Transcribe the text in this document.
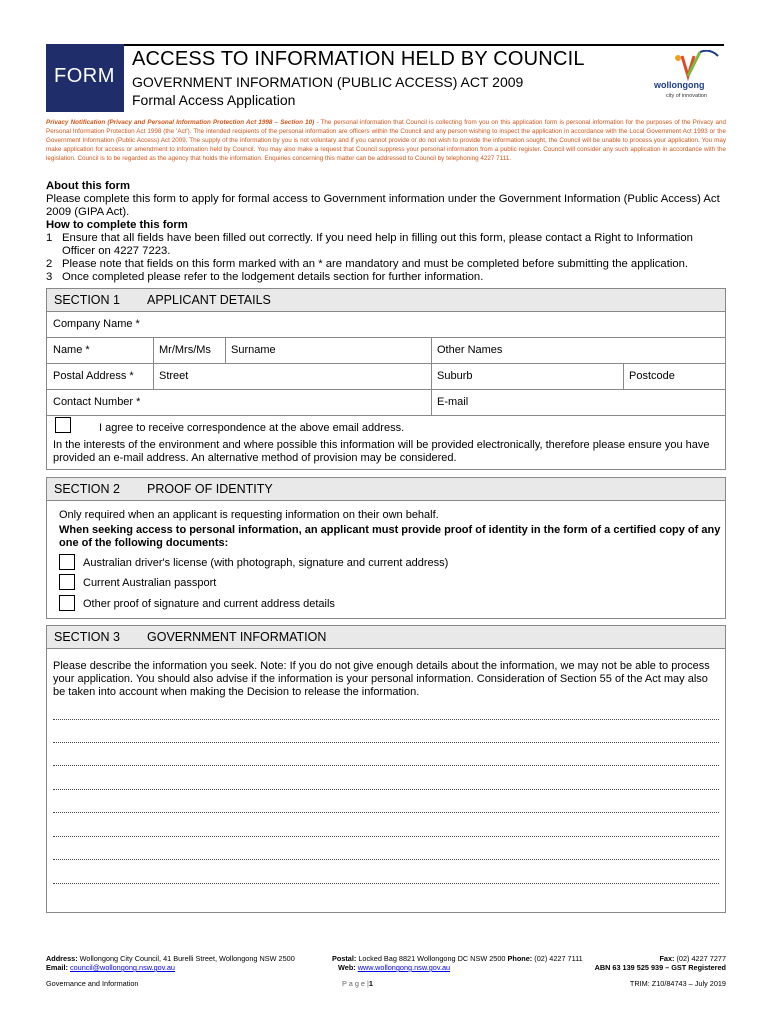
FORM
ACCESS TO INFORMATION HELD BY COUNCIL
GOVERNMENT INFORMATION (PUBLIC ACCESS) ACT 2009
Formal Access Application
wollongong
city of innovation
Privacy Notification (Privacy and Personal Information Protection Act 1998 – Section 10) - The personal information that Council is collecting from you on this application form is personal information for the purposes of the Privacy and Personal Information Protection Act 1998 (the 'Act'). The intended recipients of the personal information are officers within the Council and any person wishing to inspect the application in accordance with the Local Government Act 1993 or the Government Information (Public Access) Act 2009. The supply of the information by you is not voluntary and if you cannot provide or do not wish to provide the information sought, the Council will be unable to process your application. You may make application for access or amendment to information held by Council. You may also make a request that Council suppress your personal information from a public register. Council will consider any such application in accordance with the legislation. Council is to be regarded as the agency that holds the information. Enquiries concerning this matter can be addressed to Council by telephoning 4227 7111.
About this form

Please complete this form to apply for formal access to Government information under the Government Information (Public Access) Act 2009 (GIPA Act).

How to complete this form
1 Ensure that all fields have been filled out correctly. If you need help in filling out this form, please contact a Right to Information Officer on 4227 7223.
2 Please note that fields on this form marked with an * are mandatory and must be completed before submitting the application.
3 Once completed please refer to the lodgement details section for further information.
SECTION 1 APPLICANT DETAILS
Company Name *
Name *	Mr/Mrs/Ms	Surname	Other Names
Postal Address *	Street	Suburb	Postcode
Contact Number *	E-mail
I agree to receive correspondence at the above email address.
In the interests of the environment and where possible this information will be provided electronically, therefore please ensure you have provided an e-mail address. An alternative method of provision may be considered.
SECTION 2 PROOF OF IDENTITY
Only required when an applicant is requesting information on their own behalf.
When seeking access to personal information, an applicant must provide proof of identity in the form of a certified copy of any one of the following documents:
Australian driver's license (with photograph, signature and current address)
Current Australian passport
Other proof of signature and current address details
SECTION 3 GOVERNMENT INFORMATION
Please describe the information you seek. Note: If you do not give enough details about the information, we may not be able to process your application. You should also advise if the information is your personal information. Consideration of Section 55 of the Act may also be taken into account when making the Decision to release the information.
Address: Wollongong City Council, 41 Burelli Street, Wollongong NSW 2500
Email: council@wollongong.nsw.gov.au
Postal: Locked Bag 8821 Wollongong DC NSW 2500 Phone: (02) 4227 7111
Web: www.wollongong.nsw.gov.au
Fax: (02) 4227 7277
ABN 63 139 525 939 – GST Registered
Governance and Information	P a g e |1	TRIM: Z10/84743 – July 2019
